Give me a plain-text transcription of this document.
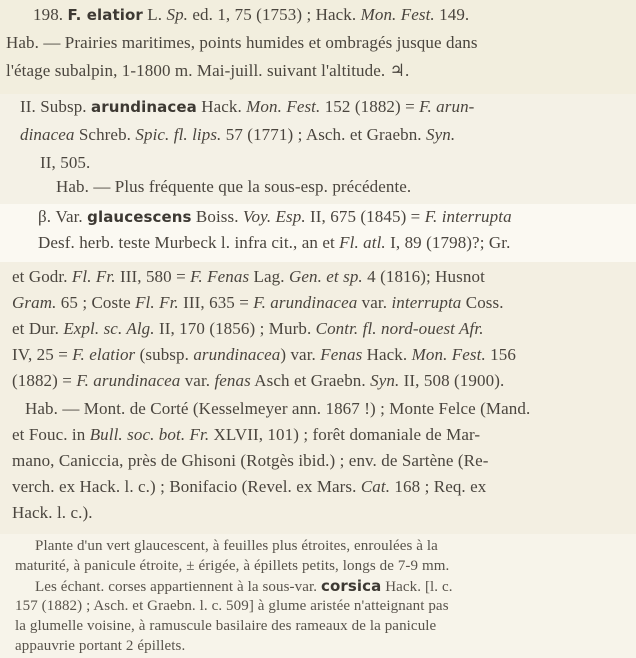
198. F. elatior L. Sp. ed. 1, 75 (1753) ; Hack. Mon. Fest. 149.
Hab. — Prairies maritimes, points humides et ombragés jusque dans
l'étage subalpin, 1-1800 m. Mai-juill. suivant l'altitude. ♃.
II. Subsp. arundinacea Hack. Mon. Fest. 152 (1882) = F. arun-
dinacea Schreb. Spic. fl. lips. 57 (1771) ; Asch. et Graebn. Syn.
II, 505.
Hab. — Plus fréquente que la sous-esp. précédente.
β. Var. glaucescens Boiss. Voy. Esp. II, 675 (1845) = F. interrupta
Desf. herb. teste Murbeck l. infra cit., an et Fl. atl. I, 89 (1798)?; Gr.
et Godr. Fl. Fr. III, 580 = F. Fenas Lag. Gen. et sp. 4 (1816); Husnot
Gram. 65 ; Coste Fl. Fr. III, 635 = F. arundinacea var. interrupta Coss.
et Dur. Expl. sc. Alg. II, 170 (1856) ; Murb. Contr. fl. nord-ouest Afr.
IV, 25 = F. elatior (subsp. arundinacea) var. Fenas Hack. Mon. Fest. 156
(1882) = F. arundinacea var. fenas Asch et Graebn. Syn. II, 508 (1900).
Hab. — Mont. de Corté (Kesselmeyer ann. 1867 !) ; Monte Felce (Mand.
et Fouc. in Bull. soc. bot. Fr. XLVII, 101) ; forêt domaniale de Mar-
mano, Caniccia, près de Ghisoni (Rotgès ibid.) ; env. de Sartène (Re-
verch. ex Hack. l. c.) ; Bonifacio (Revel. ex Mars. Cat. 168 ; Req. ex
Hack. l. c.).
Plante d'un vert glaucescent, à feuilles plus étroites, enroulées à la
maturité, à panicule étroite, ± érigée, à épillets petits, longs de 7-9 mm.
Les échant. corses appartiennent à la sous-var. corsica Hack. [l. c.
157 (1882) ; Asch. et Graebn. l. c. 509] à glume aristée n'atteignant pas
la glumelle voisine, à ramuscule basilaire des rameaux de la panicule
appauvrie portant 2 épillets.
